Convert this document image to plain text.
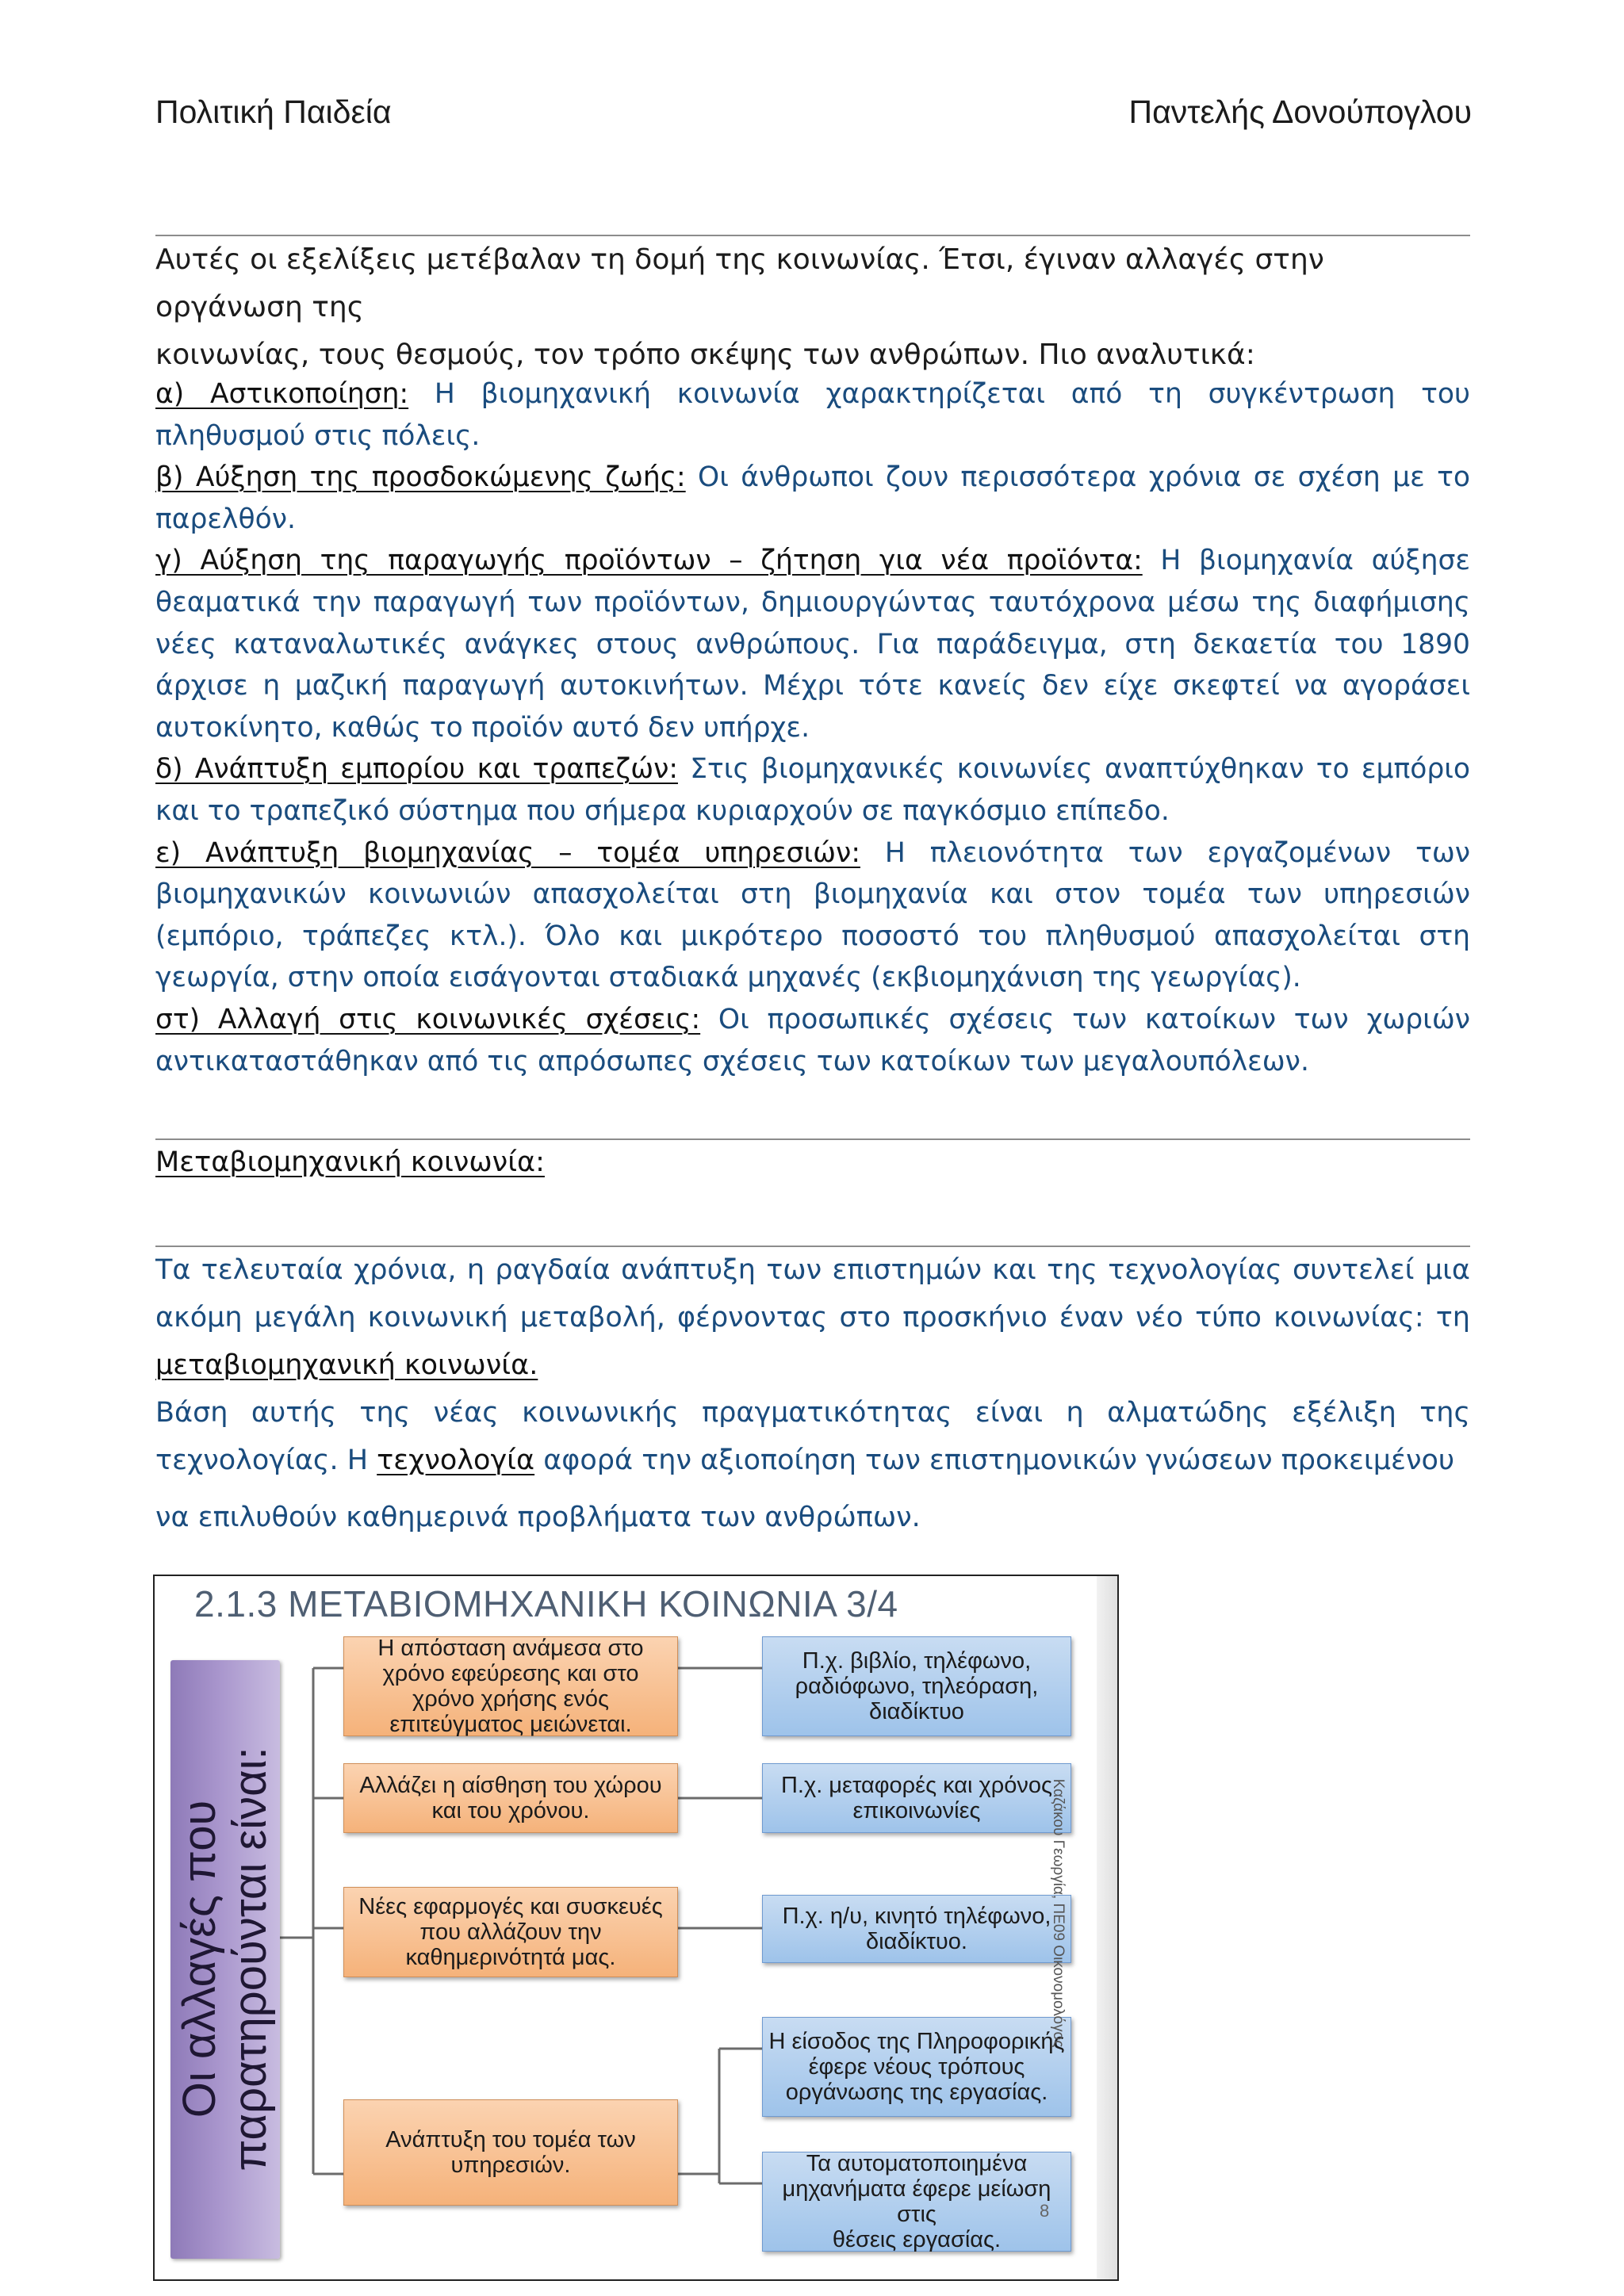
Πολιτική Παιδεία	Παντελής Δονούπογλου

Αυτές οι εξελίξεις μετέβαλαν τη δομή της κοινωνίας. Έτσι, έγιναν αλλαγές στην οργάνωση της

κοινωνίας, τους θεσμούς, τον τρόπο σκέψης των ανθρώπων. Πιο αναλυτικά:

α) Αστικοποίηση: Η βιομηχανική κοινωνία χαρακτηρίζεται από τη συγκέντρωση του πληθυσμού στις πόλεις.

β) Αύξηση της προσδοκώμενης ζωής: Οι άνθρωποι ζουν περισσότερα χρόνια σε σχέση με το παρελθόν.

γ) Αύξηση της παραγωγής προϊόντων – ζήτηση για νέα προϊόντα: Η βιομηχανία αύξησε θεαματικά την παραγωγή των προϊόντων, δημιουργώντας ταυτόχρονα μέσω της διαφήμισης νέες καταναλωτικές ανάγκες στους ανθρώπους. Για παράδειγμα, στη δεκαετία του 1890 άρχισε η μαζική παραγωγή αυτοκινήτων. Μέχρι τότε κανείς δεν είχε σκεφτεί να αγοράσει αυτοκίνητο, καθώς το προϊόν αυτό δεν υπήρχε.

δ) Ανάπτυξη εμπορίου και τραπεζών: Στις βιομηχανικές κοινωνίες αναπτύχθηκαν το εμπόριο και το τραπεζικό σύστημα που σήμερα κυριαρχούν σε παγκόσμιο επίπεδο.

ε) Ανάπτυξη βιομηχανίας – τομέα υπηρεσιών: Η πλειονότητα των εργαζομένων των βιομηχανικών κοινωνιών απασχολείται στη βιομηχανία και στον τομέα των υπηρεσιών (εμπόριο, τράπεζες κτλ.). Όλο και μικρότερο ποσοστό του πληθυσμού απασχολείται στη γεωργία, στην οποία εισάγονται σταδιακά μηχανές (εκβιομηχάνιση της γεωργίας).

στ) Αλλαγή στις κοινωνικές σχέσεις: Οι προσωπικές σχέσεις των κατοίκων των χωριών αντικαταστάθηκαν από τις απρόσωπες σχέσεις των κατοίκων των μεγαλουπόλεων.

Μεταβιομηχανική κοινωνία:

Τα τελευταία χρόνια, η ραγδαία ανάπτυξη των επιστημών και της τεχνολογίας συντελεί μια ακόμη μεγάλη κοινωνική μεταβολή, φέρνοντας στο προσκήνιο έναν νέο τύπο κοινωνίας: τη μεταβιομηχανική κοινωνία.

Βάση αυτής της νέας κοινωνικής πραγματικότητας είναι η αλματώδης εξέλιξη της τεχνολογίας. Η τεχνολογία αφορά την αξιοποίηση των επιστημονικών γνώσεων προκειμένου

να επιλυθούν καθημερινά προβλήματα των ανθρώπων.

2.1.3 ΜΕΤΑΒΙΟΜΗΧΑΝΙΚΗ ΚΟΙΝΩΝΙΑ 3/4
Οι αλλαγές που παρατηρούνται είναι:
Η απόσταση ανάμεσα στο
χρόνο εφεύρεσης και στο
χρόνο χρήσης ενός
επιτεύγματος μειώνεται.
Αλλάζει η αίσθηση του χώρου
και του χρόνου.
Νέες εφαρμογές και συσκευές
που αλλάζουν την
καθημερινότητά μας.
Ανάπτυξη του τομέα των
υπηρεσιών.
Π.χ. βιβλίο, τηλέφωνο,
ραδιόφωνο, τηλεόραση,
διαδίκτυο
Π.χ. μεταφορές και χρόνος
επικοινωνίες
Π.χ. η/υ, κινητό τηλέφωνο,
διαδίκτυο.
Η είσοδος της Πληροφορικής
έφερε νέους τρόπους
οργάνωσης της εργασίας.
Τα αυτοματοποιημένα
μηχανήματα έφερε μείωση στις
θέσεις εργασίας.
Καζάκου Γεωργία, ΠΕ09 Οικονομολόγος
8
